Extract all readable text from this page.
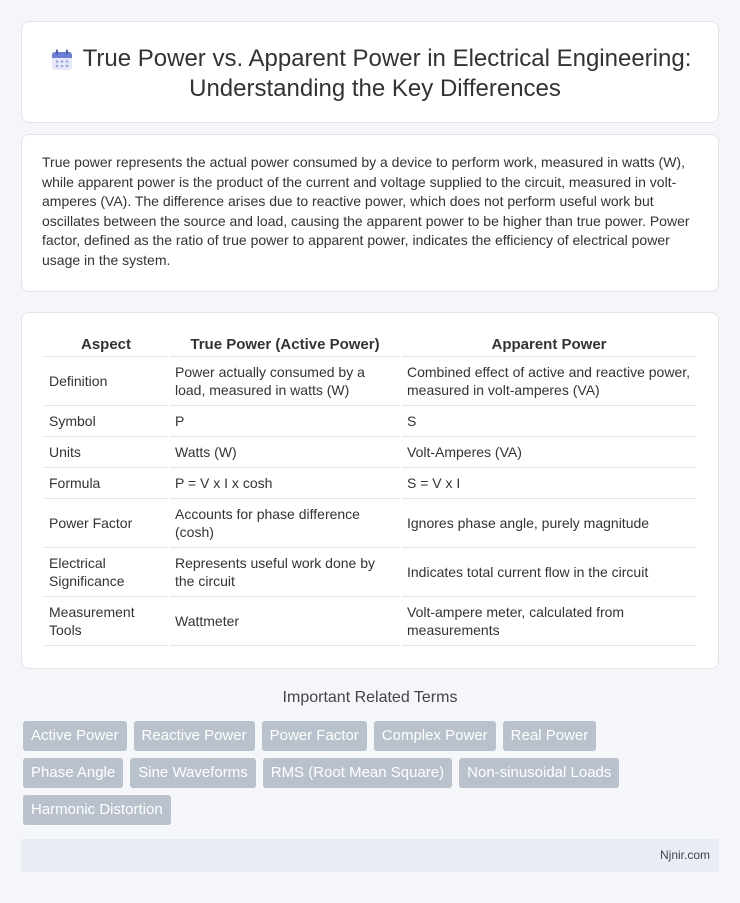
True Power vs. Apparent Power in Electrical Engineering: Understanding the Key Differences

True power represents the actual power consumed by a device to perform work, measured in watts (W), while apparent power is the product of the current and voltage supplied to the circuit, measured in volt-amperes (VA). The difference arises due to reactive power, which does not perform useful work but oscillates between the source and load, causing the apparent power to be higher than true power. Power factor, defined as the ratio of true power to apparent power, indicates the efficiency of electrical power usage in the system.

Aspect	True Power (Active Power)	Apparent Power
Definition	Power actually consumed by a load, measured in watts (W)	Combined effect of active and reactive power, measured in volt-amperes (VA)
Symbol	P	S
Units	Watts (W)	Volt-Amperes (VA)
Formula	P = V x I x cosh	S = V x I
Power Factor	Accounts for phase difference (cosh)	Ignores phase angle, purely magnitude
Electrical Significance	Represents useful work done by the circuit	Indicates total current flow in the circuit
Measurement Tools	Wattmeter	Volt-ampere meter, calculated from measurements
Important Related Terms
Active Power	Reactive Power	Power Factor	Complex Power	Real Power
Phase Angle	Sine Waveforms	RMS (Root Mean Square)	Non-sinusoidal Loads
Harmonic Distortion
Njnir.com
